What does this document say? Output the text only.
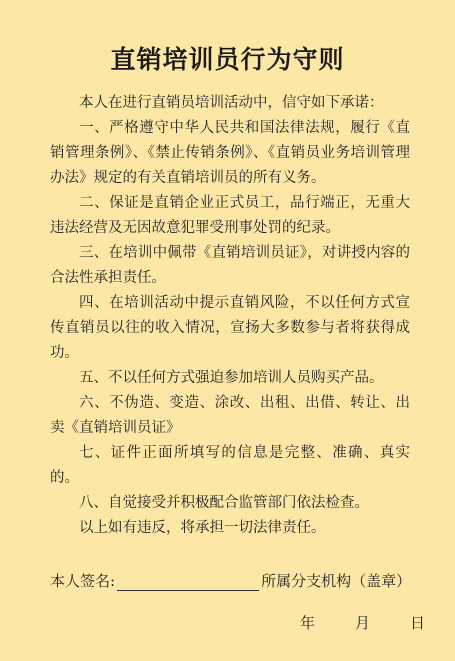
直销培训员行为守则

本人在进行直销员培训活动中，信守如下承诺：

一、严格遵守中华人民共和国法律法规，履行《直销管理条例》、《禁止传销条例》、《直销员业务培训管理办法》规定的有关直销培训员的所有义务。

二、保证是直销企业正式员工，品行端正，无重大违法经营及无因故意犯罪受刑事处罚的纪录。

三、在培训中佩带《直销培训员证》，对讲授内容的合法性承担责任。

四、在培训活动中提示直销风险，不以任何方式宣传直销员以往的收入情况，宣扬大多数参与者将获得成功。

五、不以任何方式强迫参加培训人员购买产品。

六、不伪造、变造、涂改、出租、出借、转让、出卖《直销培训员证》

七、证件正面所填写的信息是完整、准确、真实的。

八、自觉接受并积极配合监管部门依法检查。

以上如有违反，将承担一切法律责任。

本人签名:	所属分支机构（盖章）
年	月	日
